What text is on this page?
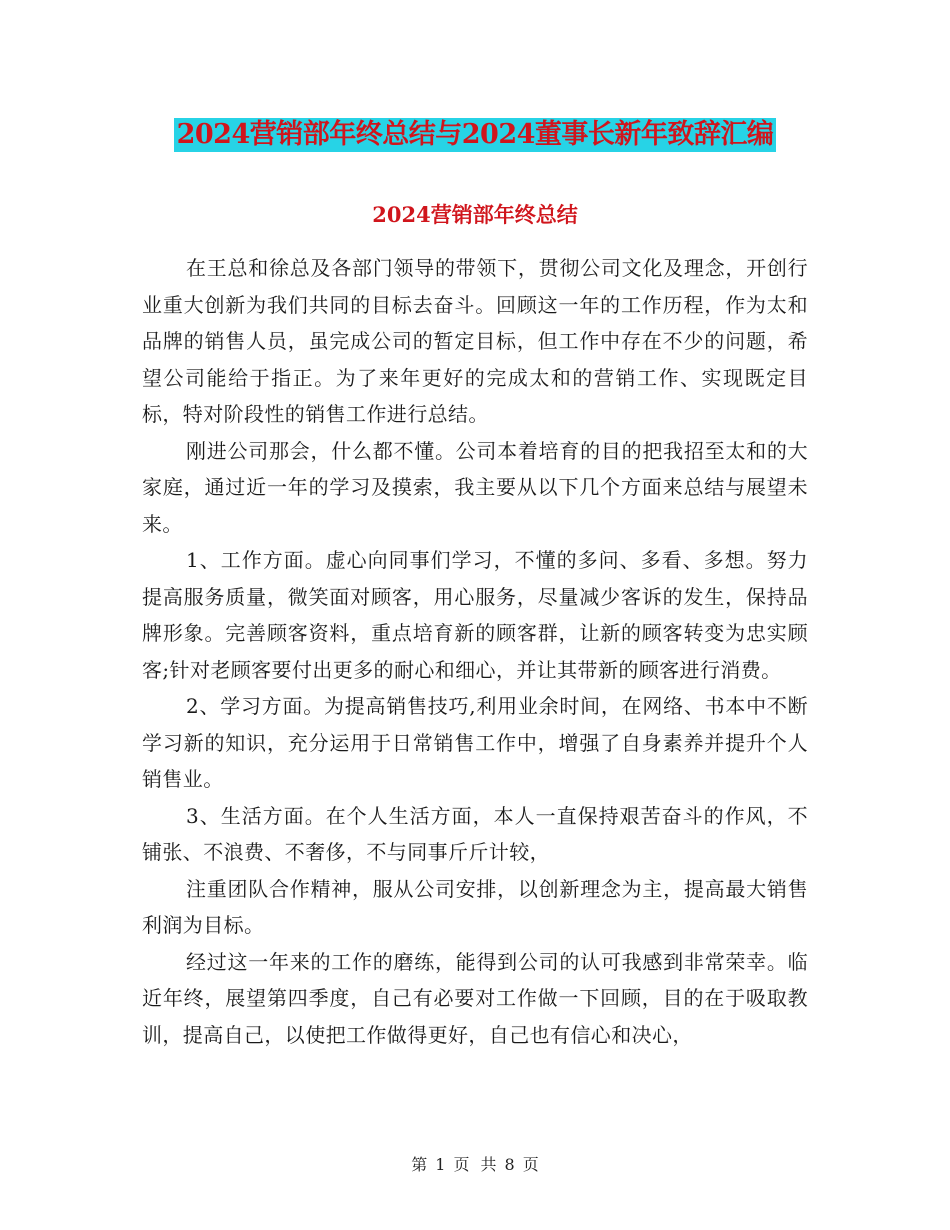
2024营销部年终总结与2024董事长新年致辞汇编
2024营销部年终总结

在王总和徐总及各部门领导的带领下，贯彻公司文化及理念，开创行业重大创新为我们共同的目标去奋斗。回顾这一年的工作历程，作为太和品牌的销售人员，虽完成公司的暂定目标，但工作中存在不少的问题，希望公司能给于指正。为了来年更好的完成太和的营销工作、实现既定目标，特对阶段性的销售工作进行总结。

刚进公司那会，什么都不懂。公司本着培育的目的把我招至太和的大家庭，通过近一年的学习及摸索，我主要从以下几个方面来总结与展望未来。

1、工作方面。虚心向同事们学习，不懂的多问、多看、多想。努力提高服务质量，微笑面对顾客，用心服务，尽量减少客诉的发生，保持品牌形象。完善顾客资料，重点培育新的顾客群，让新的顾客转变为忠实顾客;针对老顾客要付出更多的耐心和细心，并让其带新的顾客进行消费。

2、学习方面。为提高销售技巧,利用业余时间，在网络、书本中不断学习新的知识，充分运用于日常销售工作中，增强了自身素养并提升个人销售业。

3、生活方面。在个人生活方面，本人一直保持艰苦奋斗的作风，不铺张、不浪费、不奢侈，不与同事斤斤计较，

注重团队合作精神，服从公司安排，以创新理念为主，提高最大销售利润为目标。

经过这一年来的工作的磨练，能得到公司的认可我感到非常荣幸。临近年终，展望第四季度，自己有必要对工作做一下回顾，目的在于吸取教训，提高自己，以使把工作做得更好，自己也有信心和决心，

第 1 页 共 8 页
